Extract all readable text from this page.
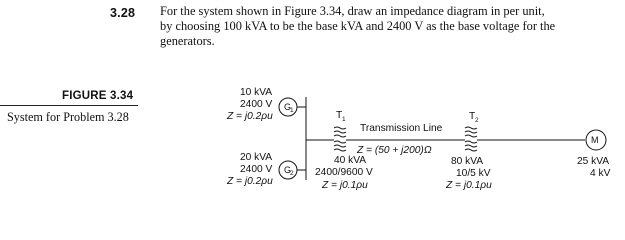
3.28 For the system shown in Figure 3.34, draw an impedance diagram in per unit,
by choosing 100 kVA to be the base kVA and 2400 V as the base voltage for the
generators.
FIGURE 3.34
System for Problem 3.28
10 kVA
2400 V
Z = j0.2ρu
20 kVA
2400 V
Z = j0.2ρu
G
1
G
2
T 1
40 kVA
2400/9600 V
Z = j0.1ρu
Transmission Line
Z = (50 + j200)Ω
T 2
80 kVA
10/5 kV
Z = j0.1ρu
M
25 kVA
4 kV
